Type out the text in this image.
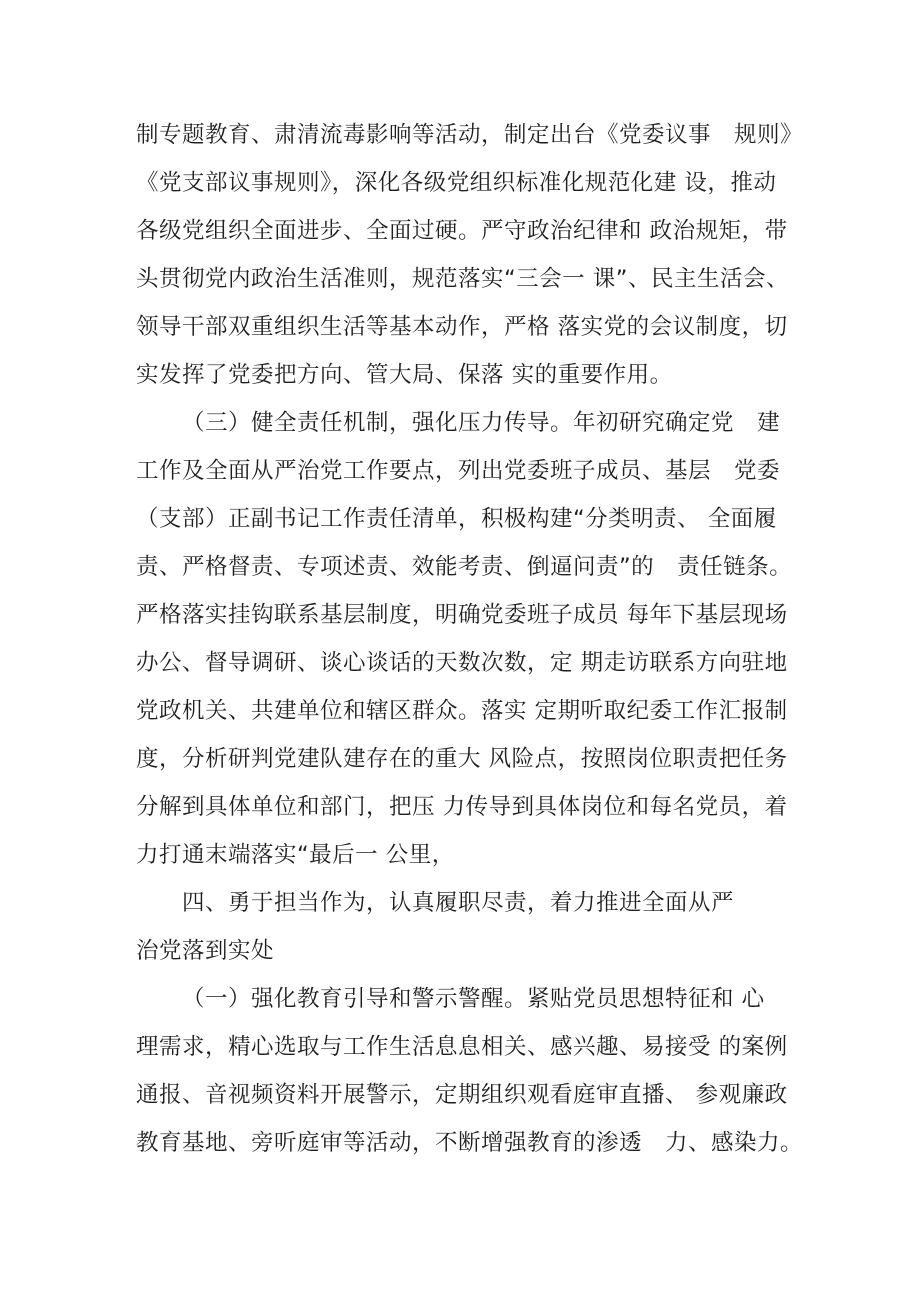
制专题教育、肃清流毒影响等活动，制定出台《党委议事　规则》

《党支部议事规则》，深化各级党组织标准化规范化建 设，推动

各级党组织全面进步、全面过硬。严守政治纪律和 政治规矩，带

头贯彻党内政治生活准则，规范落实“三会一 课”、民主生活会、

领导干部双重组织生活等基本动作，严格 落实党的会议制度，切

实发挥了党委把方向、管大局、保落 实的重要作用。

（三）健全责任机制，强化压力传导。年初研究确定党　建

工作及全面从严治党工作要点，列出党委班子成员、基层　党委

（支部）正副书记工作责任清单，积极构建“分类明责、 全面履

责、严格督责、专项述责、效能考责、倒逼问责”的　责任链条。

严格落实挂钩联系基层制度，明确党委班子成员 每年下基层现场

办公、督导调研、谈心谈话的天数次数，定 期走访联系方向驻地

党政机关、共建单位和辖区群众。落实 定期听取纪委工作汇报制

度，分析研判党建队建存在的重大 风险点，按照岗位职责把任务

分解到具体单位和部门，把压 力传导到具体岗位和每名党员，着

力打通末端落实“最后一 公里，

四、勇于担当作为，认真履职尽责，着力推进全面从严

治党落到实处

（一）强化教育引导和警示警醒。紧贴党员思想特征和 心

理需求，精心选取与工作生活息息相关、感兴趣、易接受 的案例

通报、音视频资料开展警示，定期组织观看庭审直播、 参观廉政

教育基地、旁听庭审等活动，不断增强教育的渗透　力、感染力。
